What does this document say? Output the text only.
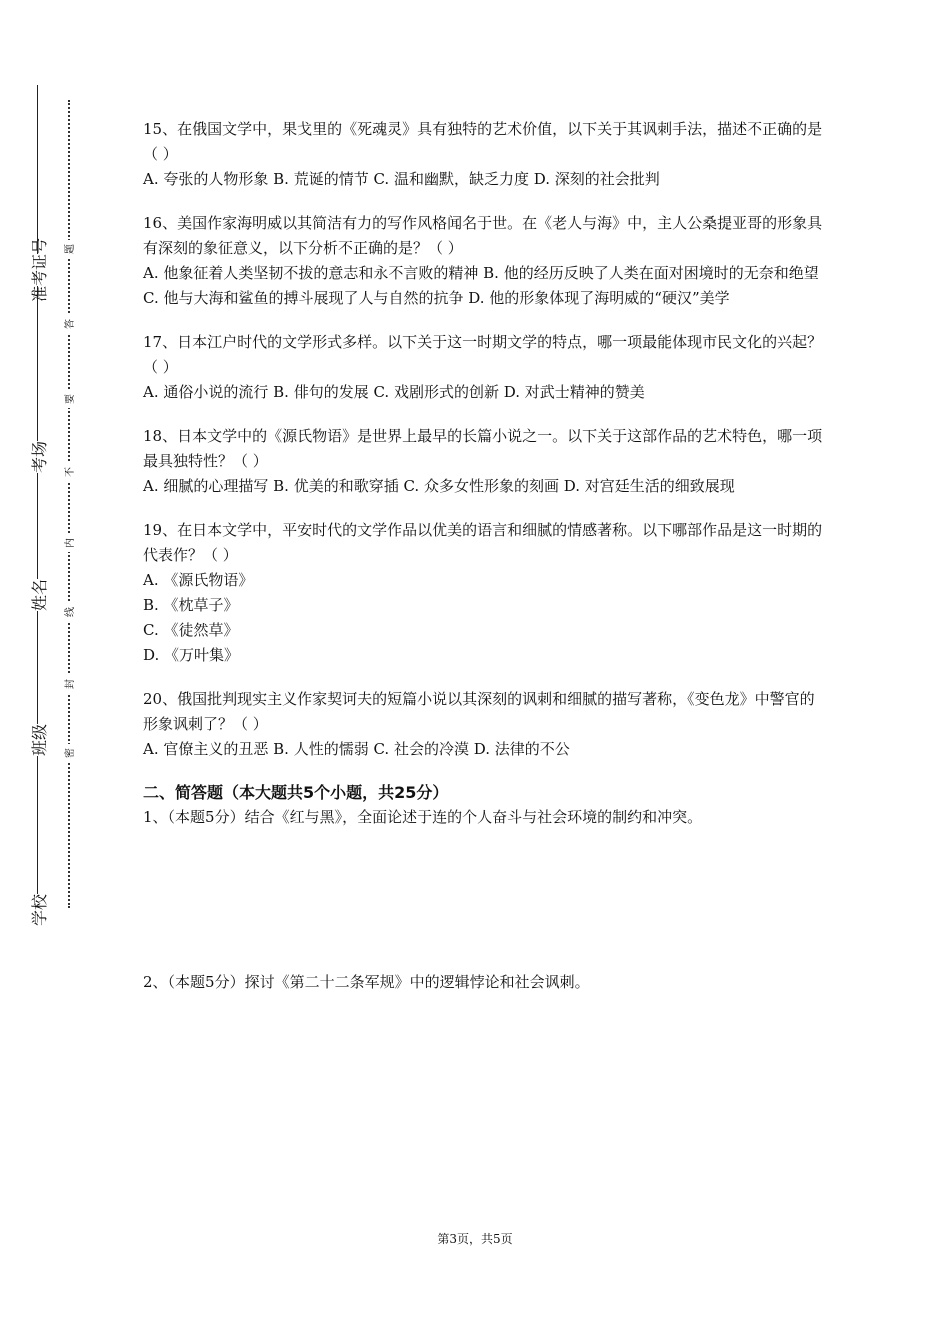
准考证号
考场
姓名
班级
学校
题
答
要
不
内
线
封
密

15、在俄国文学中，果戈里的《死魂灵》具有独特的艺术价值，以下关于其讽刺手法，描述不正确的是（ ）

A. 夸张的人物形象 B. 荒诞的情节 C. 温和幽默，缺乏力度 D. 深刻的社会批判

16、美国作家海明威以其简洁有力的写作风格闻名于世。在《老人与海》中，主人公桑提亚哥的形象具有深刻的象征意义，以下分析不正确的是？（ ）

A. 他象征着人类坚韧不拔的意志和永不言败的精神 B. 他的经历反映了人类在面对困境时的无奈和绝望 C. 他与大海和鲨鱼的搏斗展现了人与自然的抗争 D. 他的形象体现了海明威的“硬汉”美学

17、日本江户时代的文学形式多样。以下关于这一时期文学的特点，哪一项最能体现市民文化的兴起？（ ）

A. 通俗小说的流行 B. 俳句的发展 C. 戏剧形式的创新 D. 对武士精神的赞美

18、日本文学中的《源氏物语》是世界上最早的长篇小说之一。以下关于这部作品的艺术特色，哪一项最具独特性？（ ）

A. 细腻的心理描写 B. 优美的和歌穿插 C. 众多女性形象的刻画 D. 对宫廷生活的细致展现

19、在日本文学中，平安时代的文学作品以优美的语言和细腻的情感著称。以下哪部作品是这一时期的代表作？（ ）

A. 《源氏物语》

B. 《枕草子》

C. 《徒然草》

D. 《万叶集》

20、俄国批判现实主义作家契诃夫的短篇小说以其深刻的讽刺和细腻的描写著称，《变色龙》中警官的形象讽刺了？（ ）

A. 官僚主义的丑恶 B. 人性的懦弱 C. 社会的冷漠 D. 法律的不公

二、简答题（本大题共5个小题，共25分）

1、（本题5分）结合《红与黑》，全面论述于连的个人奋斗与社会环境的制约和冲突。

2、（本题5分）探讨《第二十二条军规》中的逻辑悖论和社会讽刺。

第3页，共5页
